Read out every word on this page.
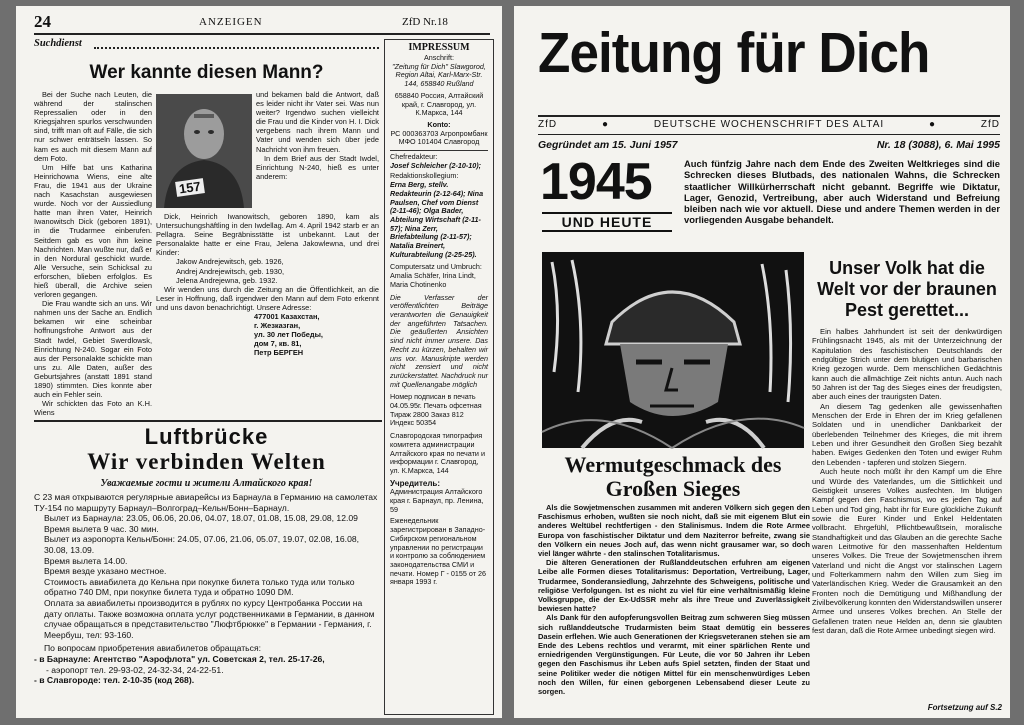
24	ANZEIGEN	ZfD Nr.18
Suchdienst
Wer kannte diesen Mann?

Bei der Suche nach Leuten, die während der stalinschen Repressalien oder in den Kriegsjahren spurlos verschwunden sind, trifft man oft auf Fälle, die sich nur schwer enträtseln lassen. So kam es auch mit diesem Mann auf dem Foto.

Um Hilfe bat uns Katharina Heinrichowna Wiens, eine alte Frau, die 1941 aus der Ukraine nach Kasachstan ausgewiesen wurde. Noch vor der Aussiedlung hatte man ihren Vater, Heinrich Iwanowitsch Dick (geboren 1891), in die Trudarmee einberufen. Seitdem gab es von ihm keine Nachrichten. Man wußte nur, daß er in den Nordural geschickt wurde. Alle Versuche, sein Schicksal zu erforschen, blieben erfolglos. Es hieß überall, die Archive seien verloren gegangen.

Die Frau wandte sich an uns. Wir nahmen uns der Sache an. Endlich bekamen wir eine scheinbar hoffnungsfrohe Antwort aus der Stadt Iwdel, Gebiet Swerdlowsk, Einrichtung N-240. Sogar ein Foto aus der Personalakte schickte man uns zu. Alle Daten, außer des Geburtsjahres (anstatt 1891 stand 1890) stimmten. Dies konnte aber auch ein Fehler sein.

Wir schickten das Foto an K.H. Wiens

157

und bekamen bald die Antwort, daß es leider nicht ihr Vater sei. Was nun weiter? Irgendwo suchen vielleicht die Frau und die Kinder von H. I. Dick vergebens nach ihrem Mann und Vater und wenden sich über jede Nachricht von ihm freuen.

In dem Brief aus der Stadt Iwdel, Einrichtung N-240, hieß es unter anderem:

Dick, Heinrich Iwanowitsch, geboren 1890, kam als Untersuchungshäftling in den Iwdellag. Am 4. April 1942 starb er an Pellagra. Seine Begräbnisstätte ist unbekannt. Laut der Personalakte hatte er eine Frau, Jelena Jakowlewna, und drei Kinder:

Jakow Andrejewitsch, geb. 1926,
Andrej Andrejewitsch, geb. 1930,
Jelena Andrejewna, geb. 1932.

Wir wenden uns durch die Zeitung an die Öffentlichkeit, an die Leser in Hoffnung, daß irgendwer den Mann auf dem Foto erkennt und uns davon benachrichtigt. Unsere Adresse:

477001 Казахстан,
г. Жезказган,
ул. 30 лет Победы,
дом 7, кв. 81,
Петр БЕРГЕН
Luftbrücke
Wir verbinden Welten
Уважаемые гости и жители Алтайского края!
С 23 мая открываются регулярные авиарейсы из Барнаула в Германию на самолетах ТУ-154 по маршруту Барнаул–Волгоград–Кельн/Бонн–Барнаул.
Вылет из Барнаула: 23.05, 06.06, 20.06, 04.07, 18.07, 01.08, 15.08, 29.08, 12.09
Время вылета 9 час. 30 мин.
Вылет из аэропорта Кельн/Бонн: 24.05, 07.06, 21.06, 05.07, 19.07, 02.08, 16.08, 30.08, 13.09.
Время вылета 14.00.
Время везде указано местное.
Стоимость авиабилета до Кельна при покупке билета только туда или только обратно 740 DM, при покупке билета туда и обратно 1090 DM.
Оплата за авиабилеты производится в рублях по курсу Центробанка России на дату оплаты. Также возможна оплата услуг родственниками в Германии, в данном случае обращаться в представительство "Люфтбрюкке" в Германии - Германия, г. Меербуш, тел: 93-160.
По вопросам приобретения авиабилетов обращаться:
- в Барнауле: Агентство "Аэрофлота" ул. Советская 2, тел. 25-17-26,
- аэропорт тел. 29-93-02, 24-32-34, 24-22-51.
- в Славгороде: тел. 2-10-35 (код 268).
IMPRESSUM
Anschrift:
"Zeitung für Dich" Slawgorod, Region Altai, Karl-Marx-Str. 144, 658840 Rußland
658840 Россия, Алтайский край, г. Славгород, ул. К.Маркса, 144
Konto:
РС 000363703 Агропромбанк МФО 101404 Славгород
Chefredakteur:
Josef Schleicher (2-10-10);
Redaktionskollegium:
Erna Berg, stellv. Redakteurin (2-12-64); Nina Paulsen, Chef vom Dienst (2-11-46); Olga Bader, Abteilung Wirtschaft (2-11-57); Nina Zerr, Briefabteilung (2-11-57); Natalia Breinert, Kulturabteilung (2-25-25).
Computersatz und Umbruch: Amalia Schäfer, Irina Lindt, Maria Chotinenko
Die Verfasser der veröffentlichten Beiträge verantworten die Genauigkeit der angeführten Tatsachen. Die geäußerten Ansichten sind nicht immer unsere. Das Recht zu kürzen, behalten wir uns vor. Manuskripte werden nicht zensiert und nicht zurückerstattet. Nachdruck nur mit Quellenangabe möglich
Номер подписан в печать 04.05.95г. Печать офсетная Тираж 2800 Заказ 812 Индекс 50354
Славгородская типография комитета администрации Алтайского края по печати и информации г. Славгород, ул. К.Маркса, 144
Учредитель:
Администрация Алтайского края г. Барнаул, пр. Ленина, 59
Еженедельник зарегистрирован в Западно-Сибирском региональном управлении по регистрации и контролю за соблюдением законодательства СМИ и печати. Номер Г - 0155 от 26 января 1993 г.
Zeitung für Dich
ZfD	●	DEUTSCHE WOCHENSCHRIFT DES ALTAI	●	ZfD
Gegründet am 15. Juni 1957	Nr. 18 (3088), 6. Mai 1995
1945
UND HEUTE
Auch fünfzig Jahre nach dem Ende des Zweiten Weltkrieges sind die Schrecken dieses Blutbads, des nationalen Wahns, die Schrecken staatlicher Willkürherrschaft nicht gebannt. Begriffe wie Diktatur, Lager, Genozid, Vertreibung, aber auch Widerstand und Befreiung bleiben nach wie vor aktuell. Diese und andere Themen werden in der vorliegenden Ausgabe behandelt.
Wermutgeschmack des Großen Sieges

Als die Sowjetmenschen zusammen mit anderen Völkern sich gegen den Faschismus erhoben, wußten sie noch nicht, daß sie mit eigenem Blut ein anderes Weltübel rechtfertigen - den Stalinismus. Indem die Rote Armee Europa von faschistischer Diktatur und dem Naziterror befreite, zwang sie den Völkern ein neues Joch auf, das wenn nicht grausamer war, so doch viel länger währte - den stalinschen Totalitarismus.

Die älteren Generationen der Rußlanddeutschen erfuhren am eigenen Leibe alle Formen dieses Totalitarismus: Deportation, Vertreibung, Lager, Trudarmee, Sonderansiedlung, Jahrzehnte des Schweigens, politische und religiöse Verfolgungen. Ist es nicht zu viel für eine verhältnismäßig kleine Volksgruppe, die der Ex-UdSSR mehr als ihre Treue und Zuverlässigkeit bewiesen hatte?

Als Dank für den aufopferungsvollen Beitrag zum schweren Sieg müssen sich rußlanddeutsche Trudarmisten beim Staat demütig ein besseres Dasein erflehen. Wie auch Generationen der Kriegsveteranen stehen sie am Ende des Lebens rechtlos und verarmt, mit einer spärlichen Rente und erniedrigenden Vergünstigungen. Für Leute, die vor 50 Jahren ihr Leben gegen den Faschismus ihr Leben aufs Spiel setzten, finden der Staat und seine Politiker weder die nötigen Mittel für ein menschenwürdiges Leben noch den Willen, für einen geborgenen Lebensabend dieser Leute zu sorgen.

Unser Volk hat die Welt vor der braunen Pest gerettet...

Ein halbes Jahrhundert ist seit der denkwürdigen Frühlingsnacht 1945, als mit der Unterzeichnung der Kapitulation des faschistischen Deutschlands der endgültige Strich unter dem blutigen und barbarischen Krieg gezogen wurde. Dem menschlichen Gedächtnis kann auch die allmächtige Zeit nichts antun. Auch nach 50 Jahren ist der Tag des Sieges eines der freudigsten, aber auch eines der traurigsten Daten.

An diesem Tag gedenken alle gewissenhaften Menschen der Erde in Ehren der im Krieg gefallenen Soldaten und in unendlicher Dankbarkeit der überlebenden Teilnehmer des Krieges, die mit ihrem Leben und ihrer Gesundheit den Großen Sieg bezahlt haben. Ewiges Gedenken den Toten und ewiger Ruhm den Lebenden - tapferen und stolzen Siegern.

Auch heute noch müßt ihr den Kampf um die Ehre und Würde des Vaterlandes, um die Sittlichkeit und Geistigkeit unseres Volkes ausfechten. Im blutigen Kampf gegen den Faschismus, wo es jeden Tag auf Leben und Tod ging, habt ihr für Eure glückliche Zukunft sowie die Eurer Kinder und Enkel Heldentaten vollbracht. Ehrgefühl, Pflichtbewußtsein, moralische Standhaftigkeit und das Glauben an die gerechte Sache waren Leitmotive für den massenhaften Heldentum unseres Volkes. Die Treue der Sowjetmenschen ihrem Vaterland und nicht die Angst vor stalinschen Lagern und Folterkammern nahm den Willen zum Sieg im Vaterländischen Krieg. Weder die Grausamkeit an den Fronten noch die Demütigung und Mißhandlung der Zivilbevölkerung konnten den Widerstandswillen unserer Armee und unseres Volkes brechen. An Stelle der Gefallenen traten neue Helden an, denn sie glaubten fest daran, daß die Rote Armee unbedingt siegen wird.

Fortsetzung auf S.2
